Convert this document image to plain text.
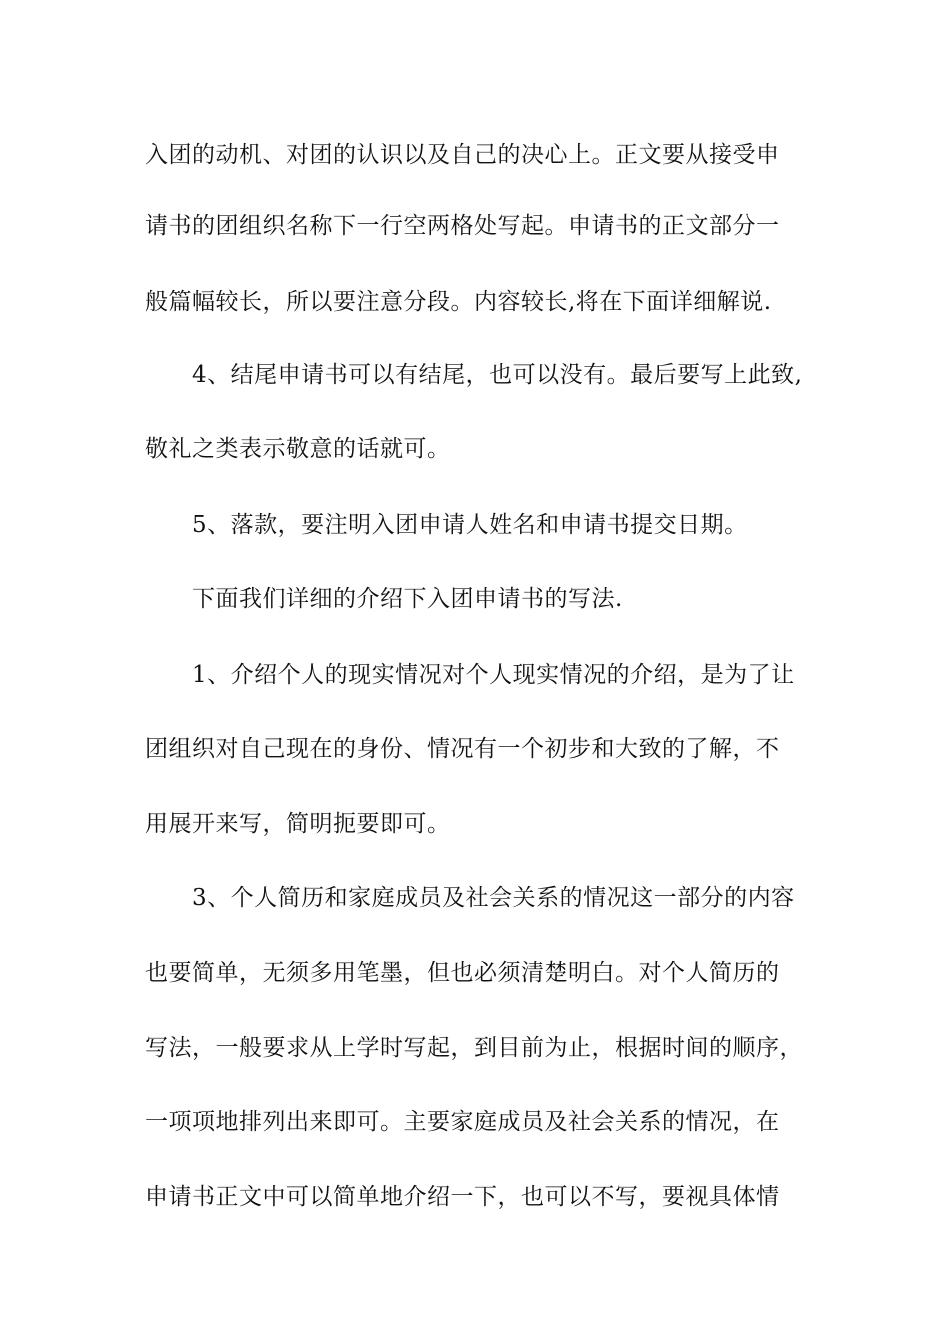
入团的动机、对团的认识以及自己的决心上。正文要从接受申
请书的团组织名称下一行空两格处写起。申请书的正文部分一
般篇幅较长，所以要注意分段。内容较长,将在下面详细解说.
4、结尾申请书可以有结尾，也可以没有。最后要写上此致,
敬礼之类表示敬意的话就可。
5、落款，要注明入团申请人姓名和申请书提交日期。
下面我们详细的介绍下入团申请书的写法.
1、介绍个人的现实情况对个人现实情况的介绍，是为了让
团组织对自己现在的身份、情况有一个初步和大致的了解，不
用展开来写，简明扼要即可。
3、个人简历和家庭成员及社会关系的情况这一部分的内容
也要简单，无须多用笔墨，但也必须清楚明白。对个人简历的
写法，一般要求从上学时写起，到目前为止，根据时间的顺序，
一项项地排列出来即可。主要家庭成员及社会关系的情况，在
申请书正文中可以简单地介绍一下，也可以不写，要视具体情
